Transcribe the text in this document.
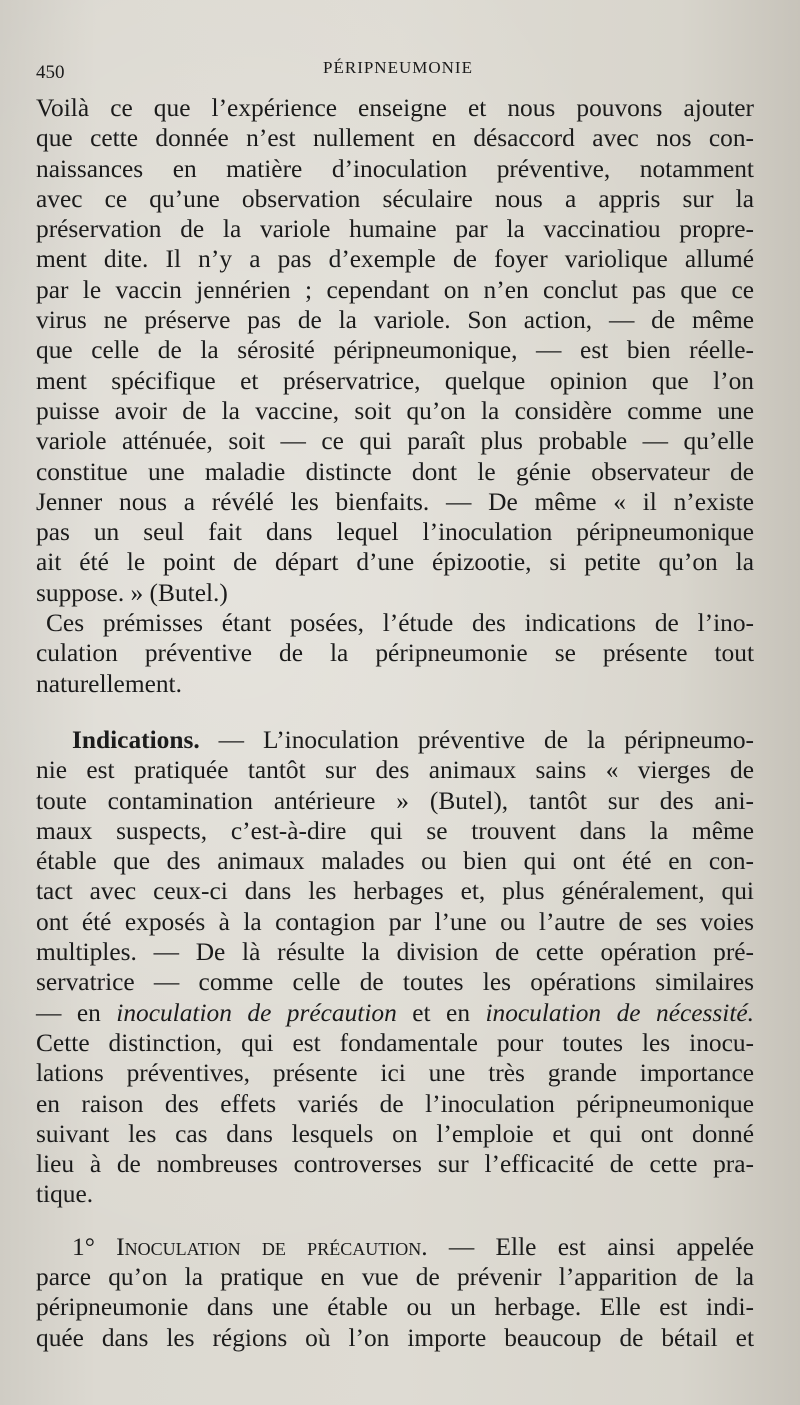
450	PÉRIPNEUMONIE
Voilà ce que l’expérience enseigne et nous pouvons ajouter
que cette donnée n’est nullement en désaccord avec nos con-
naissances en matière d’inoculation préventive, notamment
avec ce qu’une observation séculaire nous a appris sur la
préservation de la variole humaine par la vaccinatiou propre-
ment dite. Il n’y a pas d’exemple de foyer variolique allumé
par le vaccin jennérien ; cependant on n’en conclut pas que ce
virus ne préserve pas de la variole. Son action, — de même
que celle de la sérosité péripneumonique, — est bien réelle-
ment spécifique et préservatrice, quelque opinion que l’on
puisse avoir de la vaccine, soit qu’on la considère comme une
variole atténuée, soit — ce qui paraît plus probable — qu’elle
constitue une maladie distincte dont le génie observateur de
Jenner nous a révélé les bienfaits. — De même « il n’existe
pas un seul fait dans lequel l’inoculation péripneumonique
ait été le point de départ d’une épizootie, si petite qu’on la
suppose. » (Butel.)
Ces prémisses étant posées, l’étude des indications de l’ino-
culation préventive de la péripneumonie se présente tout
naturellement.
Indications. — L’inoculation préventive de la péripneumo-
nie est pratiquée tantôt sur des animaux sains « vierges de
toute contamination antérieure » (Butel), tantôt sur des ani-
maux suspects, c’est-à-dire qui se trouvent dans la même
étable que des animaux malades ou bien qui ont été en con-
tact avec ceux-ci dans les herbages et, plus généralement, qui
ont été exposés à la contagion par l’une ou l’autre de ses voies
multiples. — De là résulte la division de cette opération pré-
servatrice — comme celle de toutes les opérations similaires
— en inoculation de précaution et en inoculation de nécessité.
Cette distinction, qui est fondamentale pour toutes les inocu-
lations préventives, présente ici une très grande importance
en raison des effets variés de l’inoculation péripneumonique
suivant les cas dans lesquels on l’emploie et qui ont donné
lieu à de nombreuses controverses sur l’efficacité de cette pra-
tique.
1° Inoculation de précaution. — Elle est ainsi appelée
parce qu’on la pratique en vue de prévenir l’apparition de la
péripneumonie dans une étable ou un herbage. Elle est indi-
quée dans les régions où l’on importe beaucoup de bétail et
